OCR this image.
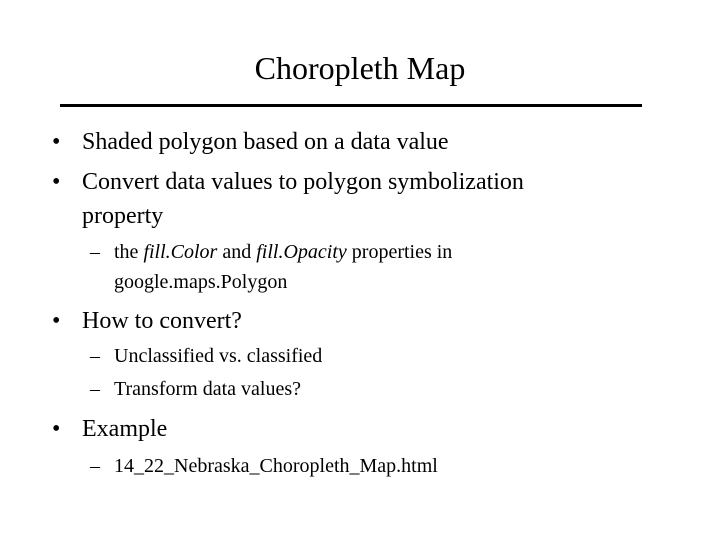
Choropleth Map
• Shaded polygon based on a data value
• Convert data values to polygon symbolization
property
– the fill.Color and fill.Opacity properties in
google.maps.Polygon
• How to convert?
– Unclassified vs. classified
– Transform data values?
• Example
– 14_22_Nebraska_Choropleth_Map.html
